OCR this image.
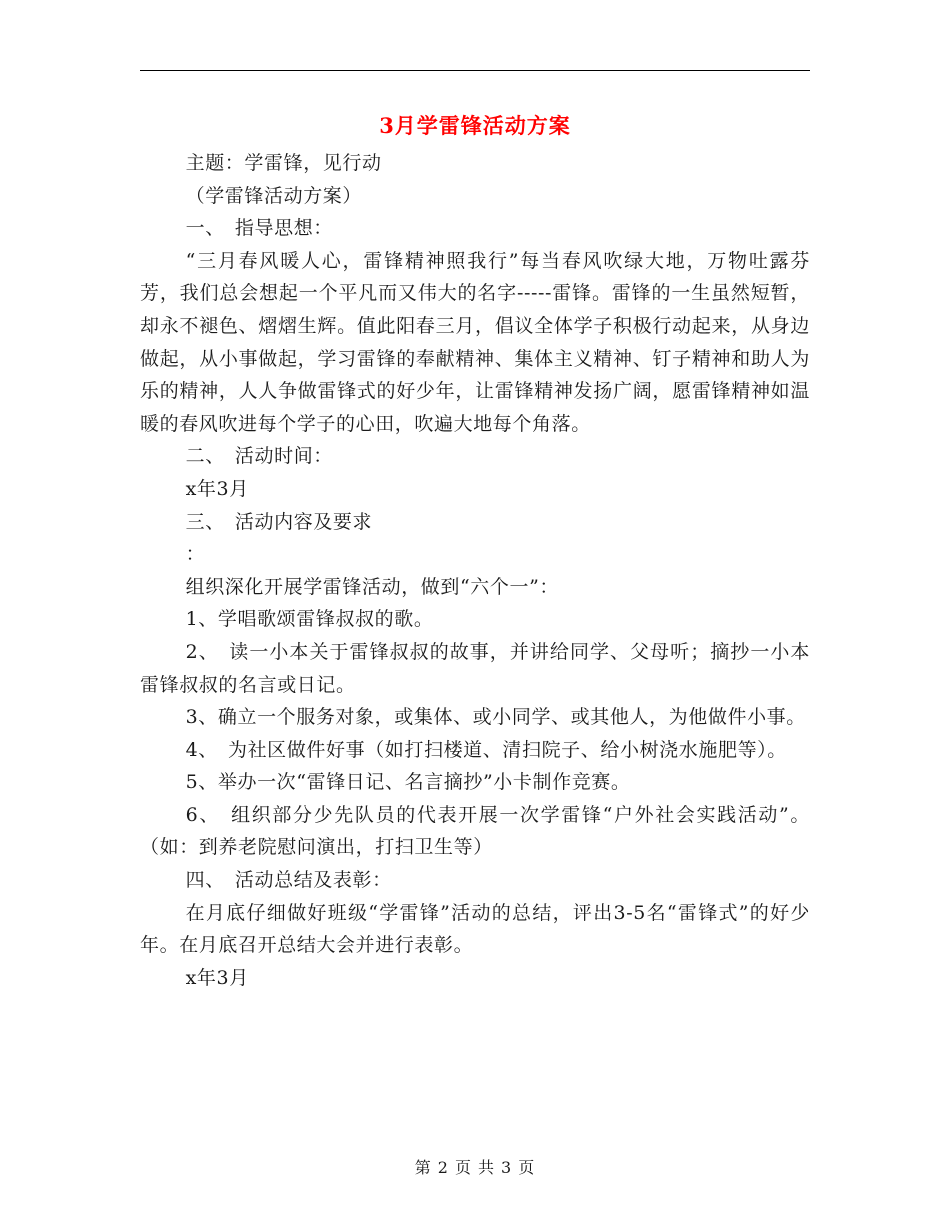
3月学雷锋活动方案

主题：学雷锋，见行动

（学雷锋活动方案）

一、　指导思想：

“三月春风暖人心，雷锋精神照我行”每当春风吹绿大地，万物吐露芬芳，我们总会想起一个平凡而又伟大的名字-----雷锋。雷锋的一生虽然短暂，却永不褪色、熠熠生辉。值此阳春三月，倡议全体学子积极行动起来，从身边做起，从小事做起，学习雷锋的奉献精神、集体主义精神、钉子精神和助人为乐的精神，人人争做雷锋式的好少年，让雷锋精神发扬广阔，愿雷锋精神如温暖的春风吹进每个学子的心田，吹遍大地每个角落。

二、　活动时间：

x年3月

三、　活动内容及要求

：

组织深化开展学雷锋活动，做到“六个一”：

1、学唱歌颂雷锋叔叔的歌。

2、　读一小本关于雷锋叔叔的故事，并讲给同学、父母听；摘抄一小本雷锋叔叔的名言或日记。

3、确立一个服务对象，或集体、或小同学、或其他人，为他做件小事。

4、　为社区做件好事（如打扫楼道、清扫院子、给小树浇水施肥等）。

5、举办一次“雷锋日记、名言摘抄”小卡制作竞赛。

6、　组织部分少先队员的代表开展一次学雷锋“户外社会实践活动”。（如：到养老院慰问演出，打扫卫生等）

四、　活动总结及表彰：

在月底仔细做好班级“学雷锋”活动的总结，评出3-5名“雷锋式”的好少年。在月底召开总结大会并进行表彰。

x年3月

第 2 页 共 3 页
